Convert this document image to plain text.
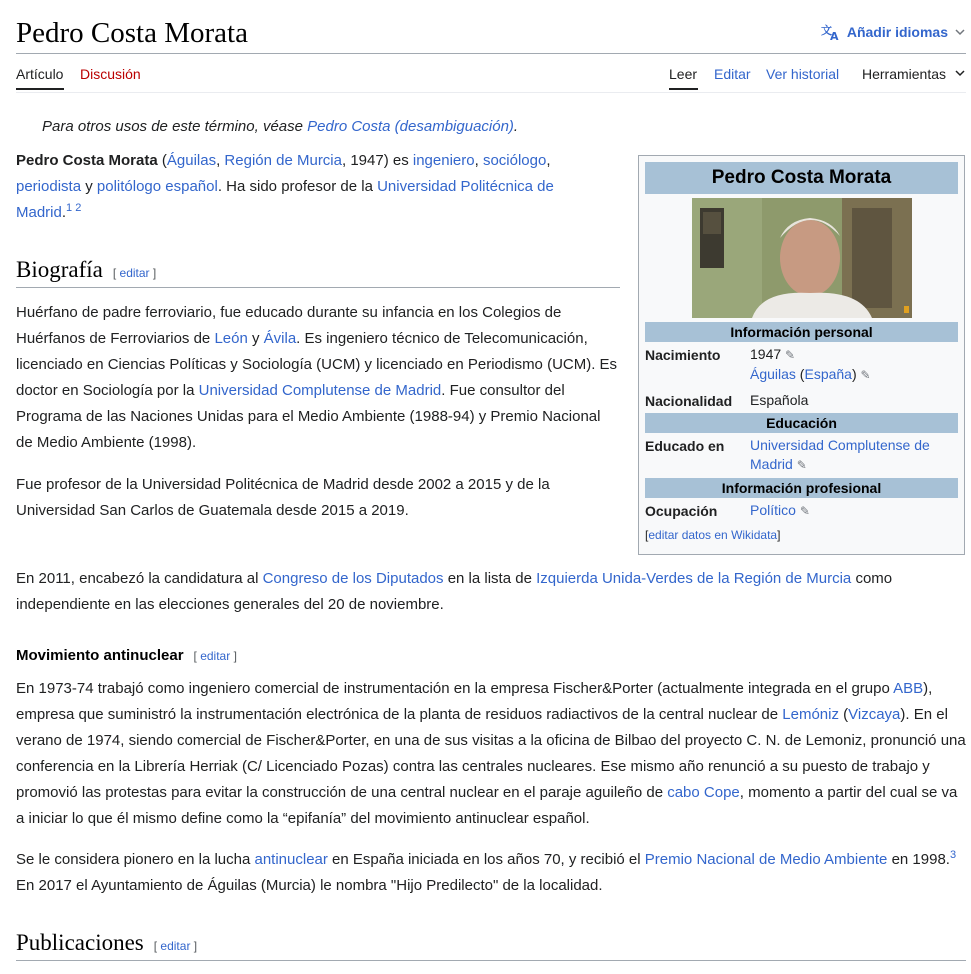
Pedro Costa Morata	文
A Añadir idiomas
Artículo Discusión	Leer Editar Ver historial Herramientas
Para otros usos de este término, véase Pedro Costa (desambiguación).
Pedro Costa Morata (Águilas, Región de Murcia, 1947) es ingeniero, sociólogo, periodista y politólogo español. Ha sido profesor de la Universidad Politécnica de Madrid.$^{1 2}$
Biografía [ editar ]
Huérfano de padre ferroviario, fue educado durante su infancia en los Colegios de Huérfanos de Ferroviarios de León y Ávila. Es ingeniero técnico de Telecomunicación, licenciado en Ciencias Políticas y Sociología (UCM) y licenciado en Periodismo (UCM). Es doctor en Sociología por la Universidad Complutense de Madrid. Fue consultor del Programa de las Naciones Unidas para el Medio Ambiente (1988-94) y Premio Nacional de Medio Ambiente (1998).
Fue profesor de la Universidad Politécnica de Madrid desde 2002 a 2015 y de la Universidad San Carlos de Guatemala desde 2015 a 2019.
En 2011, encabezó la candidatura al Congreso de los Diputados en la lista de Izquierda Unida-Verdes de la Región de Murcia como independiente en las elecciones generales del 20 de noviembre.
Movimiento antinuclear [ editar ]
En 1973-74 trabajó como ingeniero comercial de instrumentación en la empresa Fischer&Porter (actualmente integrada en el grupo ABB), empresa que suministró la instrumentación electrónica de la planta de residuos radiactivos de la central nuclear de Lemóniz (Vizcaya). En el verano de 1974, siendo comercial de Fischer&Porter, en una de sus visitas a la oficina de Bilbao del proyecto C. N. de Lemoniz, pronunció una conferencia en la Librería Herriak (C/ Licenciado Pozas) contra las centrales nucleares. Ese mismo año renunció a su puesto de trabajo y promovió las protestas para evitar la construcción de una central nuclear en el paraje aguileño de cabo Cope, momento a partir del cual se va a iniciar lo que él mismo define como la “epifanía” del movimiento antinuclear español.
Se le considera pionero en la lucha antinuclear en España iniciada en los años 70, y recibió el Premio Nacional de Medio Ambiente en 1998.$^3$ En 2017 el Ayuntamiento de Águilas (Murcia) le nombra "Hijo Predilecto" de la localidad.
Publicaciones [ editar ]
Pedro Costa Morata
Información personal
Nacimiento	1947 ✎
Águilas (España) ✎
Nacionalidad	Española
Educación
Educado en	Universidad Complutense de Madrid ✎
Información profesional
Ocupación	Político ✎
[editar datos en Wikidata]
